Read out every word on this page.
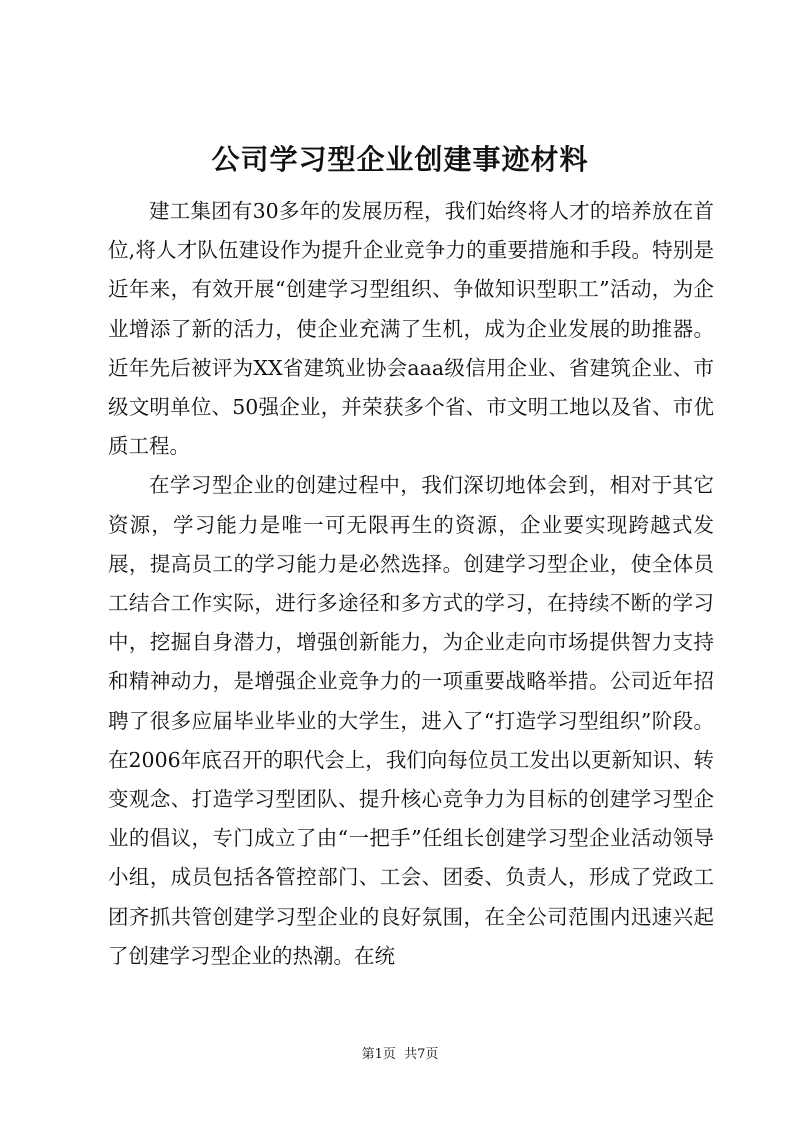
公司学习型企业创建事迹材料

建工集团有30多年的发展历程，我们始终将人才的培养放在首位,将人才队伍建设作为提升企业竞争力的重要措施和手段。特别是近年来，有效开展“创建学习型组织、争做知识型职工”活动，为企业增添了新的活力，使企业充满了生机，成为企业发展的助推器。近年先后被评为XX省建筑业协会aaa级信用企业、省建筑企业、市级文明单位、50强企业，并荣获多个省、市文明工地以及省、市优质工程。

在学习型企业的创建过程中，我们深切地体会到，相对于其它资源，学习能力是唯一可无限再生的资源，企业要实现跨越式发展，提高员工的学习能力是必然选择。创建学习型企业，使全体员工结合工作实际，进行多途径和多方式的学习，在持续不断的学习中，挖掘自身潜力，增强创新能力，为企业走向市场提供智力支持和精神动力，是增强企业竞争力的一项重要战略举措。公司近年招聘了很多应届毕业毕业的大学生，进入了“打造学习型组织”阶段。在2006年底召开的职代会上，我们向每位员工发出以更新知识、转变观念、打造学习型团队、提升核心竞争力为目标的创建学习型企业的倡议，专门成立了由“一把手”任组长创建学习型企业活动领导小组，成员包括各管控部门、工会、团委、负责人，形成了党政工团齐抓共管创建学习型企业的良好氛围，在全公司范围内迅速兴起了创建学习型企业的热潮。在统

第1页 共7页
